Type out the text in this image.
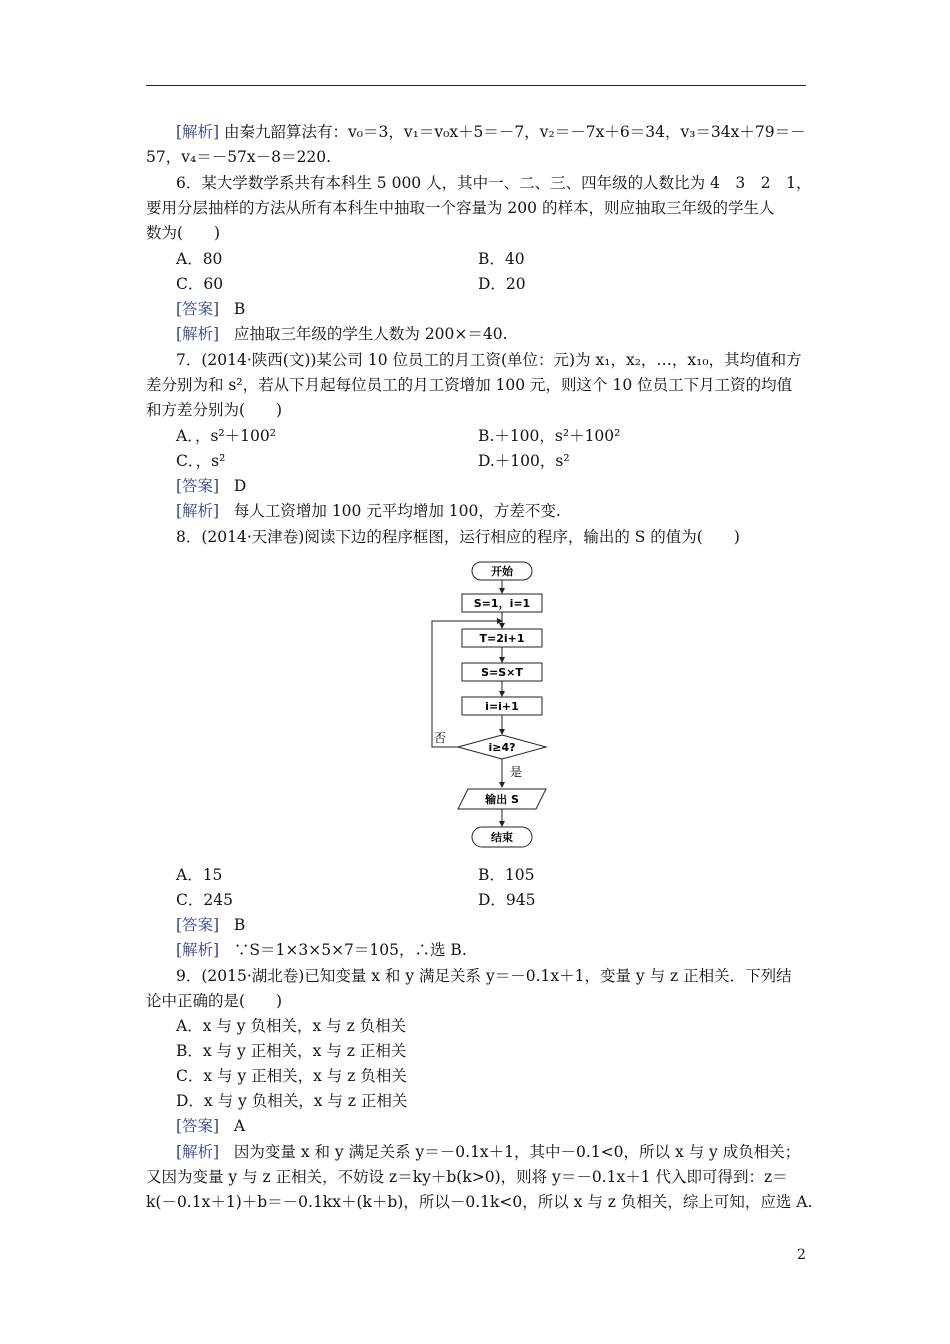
[解析] 由秦九韶算法有：v₀＝3，v₁＝v₀x＋5＝－7，v₂＝－7x＋6＝34，v₃＝34x＋79＝－
57，v₄＝－57x－8＝220.
6．某大学数学系共有本科生 5 000 人，其中一、二、三、四年级的人数比为 4　3　2　1，
要用分层抽样的方法从所有本科生中抽取一个容量为 200 的样本，则应抽取三年级的学生人
数为(　　)
A．80	B．40
C．60	D．20
[答案] B
[解析] 应抽取三年级的学生人数为 200×＝40.
7．(2014·陕西(文))某公司 10 位员工的月工资(单位：元)为 x₁，x₂，…，x₁₀，其均值和方
差分别为和 s²，若从下月起每位员工的月工资增加 100 元，则这个 10 位员工下月工资的均值
和方差分别为(　　)
A．，s²＋100²	B.＋100，s²＋100²
C．，s²	D.＋100，s²
[答案] D
[解析] 每人工资增加 100 元平均增加 100，方差不变.
8．(2014·天津卷)阅读下边的程序框图，运行相应的程序，输出的 S 的值为(　　)
开始
S=1，i=1
T=2i+1
S=S×T
i=i+1
i≥4?
否
是
输出 S
结束
A．15	B．105
C．245	D．945
[答案] B
[解析] ∵S＝1×3×5×7＝105，∴选 B.
9．(2015·湖北卷)已知变量 x 和 y 满足关系 y＝－0.1x＋1，变量 y 与 z 正相关．下列结
论中正确的是(　　)
A．x 与 y 负相关，x 与 z 负相关
B．x 与 y 正相关，x 与 z 正相关
C．x 与 y 正相关，x 与 z 负相关
D．x 与 y 负相关，x 与 z 正相关
[答案] A
[解析] 因为变量 x 和 y 满足关系 y＝－0.1x＋1，其中－0.1<0，所以 x 与 y 成负相关；
又因为变量 y 与 z 正相关，不妨设 z＝ky＋b(k>0)，则将 y＝－0.1x＋1 代入即可得到：z＝
k(－0.1x＋1)＋b＝－0.1kx＋(k＋b)，所以－0.1k<0，所以 x 与 z 负相关，综上可知，应选 A.
2
